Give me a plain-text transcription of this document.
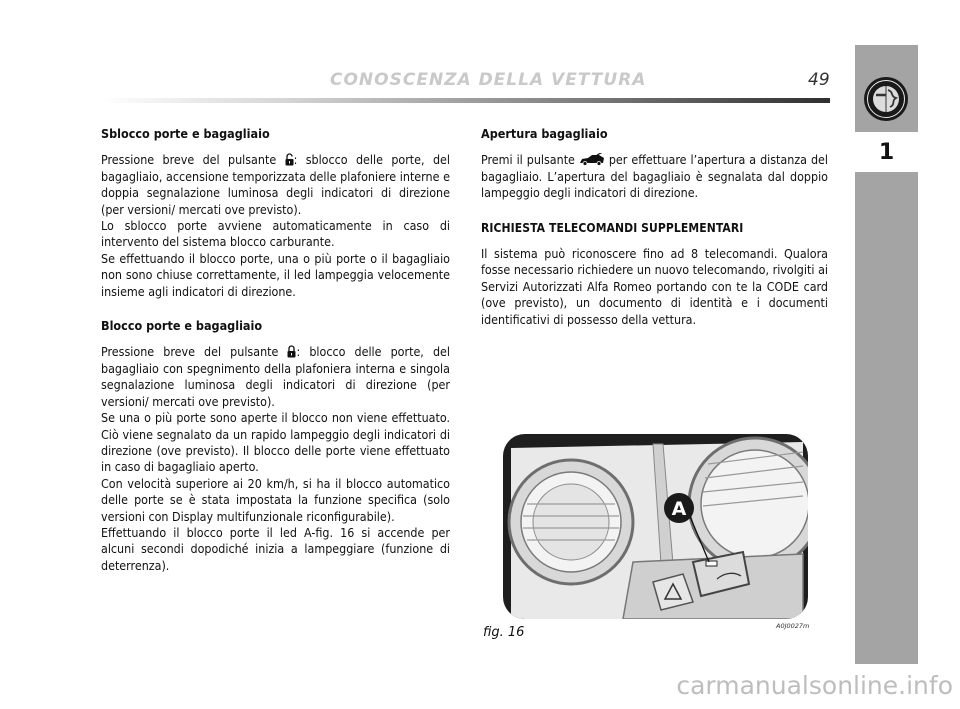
CONOSCENZA DELLA VETTURA	49
1
Sblocco porte e bagagliaio

Pressione breve del pulsante : sblocco delle porte, del bagagliaio, accensione temporizzata delle plafoniere interne e doppia segnalazione luminosa degli indicatori di direzione (per versioni/ mercati ove previsto).

Lo sblocco porte avviene automaticamente in caso di intervento del sistema blocco carburante.

Se effettuando il blocco porte, una o più porte o il bagagliaio non sono chiuse correttamente, il led lampeggia velocemente insieme agli indicatori di direzione.

Blocco porte e bagagliaio

Pressione breve del pulsante : blocco delle porte, del bagagliaio con spegnimento della plafoniera interna e singola segnalazione luminosa degli indicatori di direzione (per versioni/ mercati ove previsto).

Se una o più porte sono aperte il blocco non viene effettuato. Ciò viene segnalato da un rapido lampeggio degli indicatori di direzione (ove previsto). Il blocco delle porte viene effettuato in caso di bagagliaio aperto.

Con velocità superiore ai 20 km/h, si ha il blocco automatico delle porte se è stata impostata la funzione specifica (solo versioni con Display multifunzionale riconfigurabile).

Effettuando il blocco porte il led A-fig. 16 si accende per alcuni secondi dopodiché inizia a lampeggiare (funzione di deterrenza).

Apertura bagagliaio

Premi il pulsante  per effettuare l’apertura a distanza del bagagliaio. L’apertura del bagagliaio è segnalata dal doppio lampeggio degli indicatori di direzione.

RICHIESTA TELECOMANDI SUPPLEMENTARI

Il sistema può riconoscere fino ad 8 telecomandi. Qualora fosse necessario richiedere un nuovo telecomando, rivolgiti ai Servizi Autorizzati Alfa Romeo portando con te la CODE card (ove previsto), un documento di identità e i documenti identificativi di possesso della vettura.

A
fig. 16	A0J0027m
carmanualsonline.info
